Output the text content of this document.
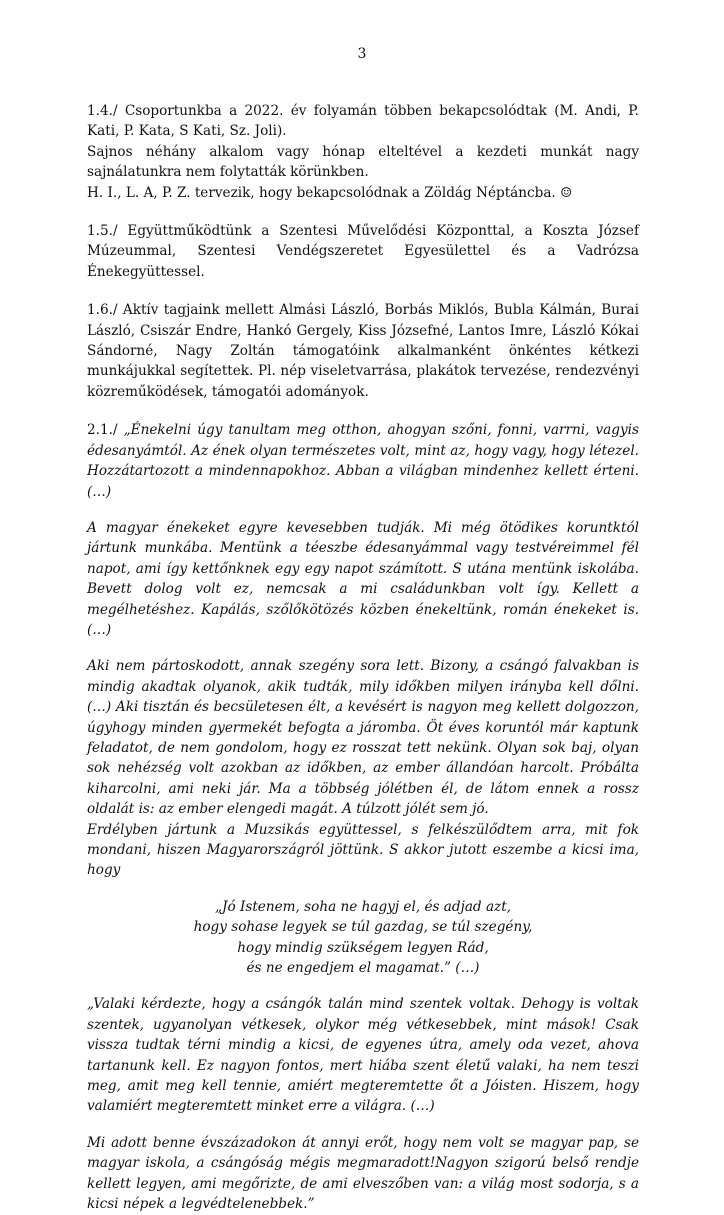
3

1.4./ Csoportunkba a 2022. év folyamán többen bekapcsolódtak (M. Andi, P. Kati, P. Kata, S Kati, Sz. Joli).

Sajnos néhány alkalom vagy hónap elteltével a kezdeti munkát nagy sajnálatunkra nem folytatták körünkben.

H. I., L. A, P. Z. tervezik, hogy bekapcsolódnak a Zöldág Néptáncba. ☺

1.5./ Együttműködtünk a Szentesi Művelődési Központtal, a Koszta József Múzeummal, Szentesi Vendégszeretet Egyesülettel és a Vadrózsa Énekegyüttessel.

1.6./ Aktív tagjaink mellett Almási László, Borbás Miklós, Bubla Kálmán, Burai László, Csiszár Endre, Hankó Gergely, Kiss Józsefné, Lantos Imre, László Kókai Sándorné, Nagy Zoltán támogatóink alkalmanként önkéntes kétkezi munkájukkal segítettek. Pl. nép viseletvarrása, plakátok tervezése, rendezvényi közreműködések, támogatói adományok.

2.1./ „Énekelni úgy tanultam meg otthon, ahogyan szőni, fonni, varrni, vagyis édesanyámtól. Az ének olyan természetes volt, mint az, hogy vagy, hogy létezel. Hozzátartozott a mindennapokhoz. Abban a világban mindenhez kellett érteni. (…)

A magyar énekeket egyre kevesebben tudják. Mi még ötödikes koruntktól jártunk munkába. Mentünk a téeszbe édesanyámmal vagy testvéreimmel fél napot, ami így kettőnknek egy egy napot számított. S utána mentünk iskolába. Bevett dolog volt ez, nemcsak a mi családunkban volt így. Kellett a megélhetéshez. Kapálás, szőlőkötözés közben énekeltünk, román énekeket is. (…)

Aki nem pártoskodott, annak szegény sora lett. Bizony, a csángó falvakban is mindig akadtak olyanok, akik tudták, mily időkben milyen irányba kell dőlni. (…) Aki tisztán és becsületesen élt, a kevésért is nagyon meg kellett dolgozzon, úgyhogy minden gyermekét befogta a járomba. Öt éves koruntól már kaptunk feladatot, de nem gondolom, hogy ez rosszat tett nekünk. Olyan sok baj, olyan sok nehézség volt azokban az időkben, az ember állandóan harcolt. Próbálta kiharcolni, ami neki jár. Ma a többség jólétben él, de látom ennek a rossz oldalát is: az ember elengedi magát. A túlzott jólét sem jó.

Erdélyben jártunk a Muzsikás együttessel, s felkészülődtem arra, mit fok mondani, hiszen Magyarországról jöttünk. S akkor jutott eszembe a kicsi ima, hogy

„Jó Istenem, soha ne hagyj el, és adjad azt,
hogy sohase legyek se túl gazdag, se túl szegény,
hogy mindig szükségem legyen Rád,
és ne engedjem el magamat.” (…)

„Valaki kérdezte, hogy a csángók talán mind szentek voltak. Dehogy is voltak szentek, ugyanolyan vétkesek, olykor még vétkesebbek, mint mások! Csak vissza tudtak térni mindig a kicsi, de egyenes útra, amely oda vezet, ahova tartanunk kell. Ez nagyon fontos, mert hiába szent életű valaki, ha nem teszi meg, amit meg kell tennie, amiért megteremtette őt a Jóisten. Hiszem, hogy valamiért megteremtett minket erre a világra. (…)

Mi adott benne évszázadokon át annyi erőt, hogy nem volt se magyar pap, se magyar iskola, a csángóság mégis megmaradott!Nagyon szigorú belső rendje kellett legyen, ami megőrizte, de ami elveszőben van: a világ most sodorja, s a kicsi népek a legvédtelenebbek.”
